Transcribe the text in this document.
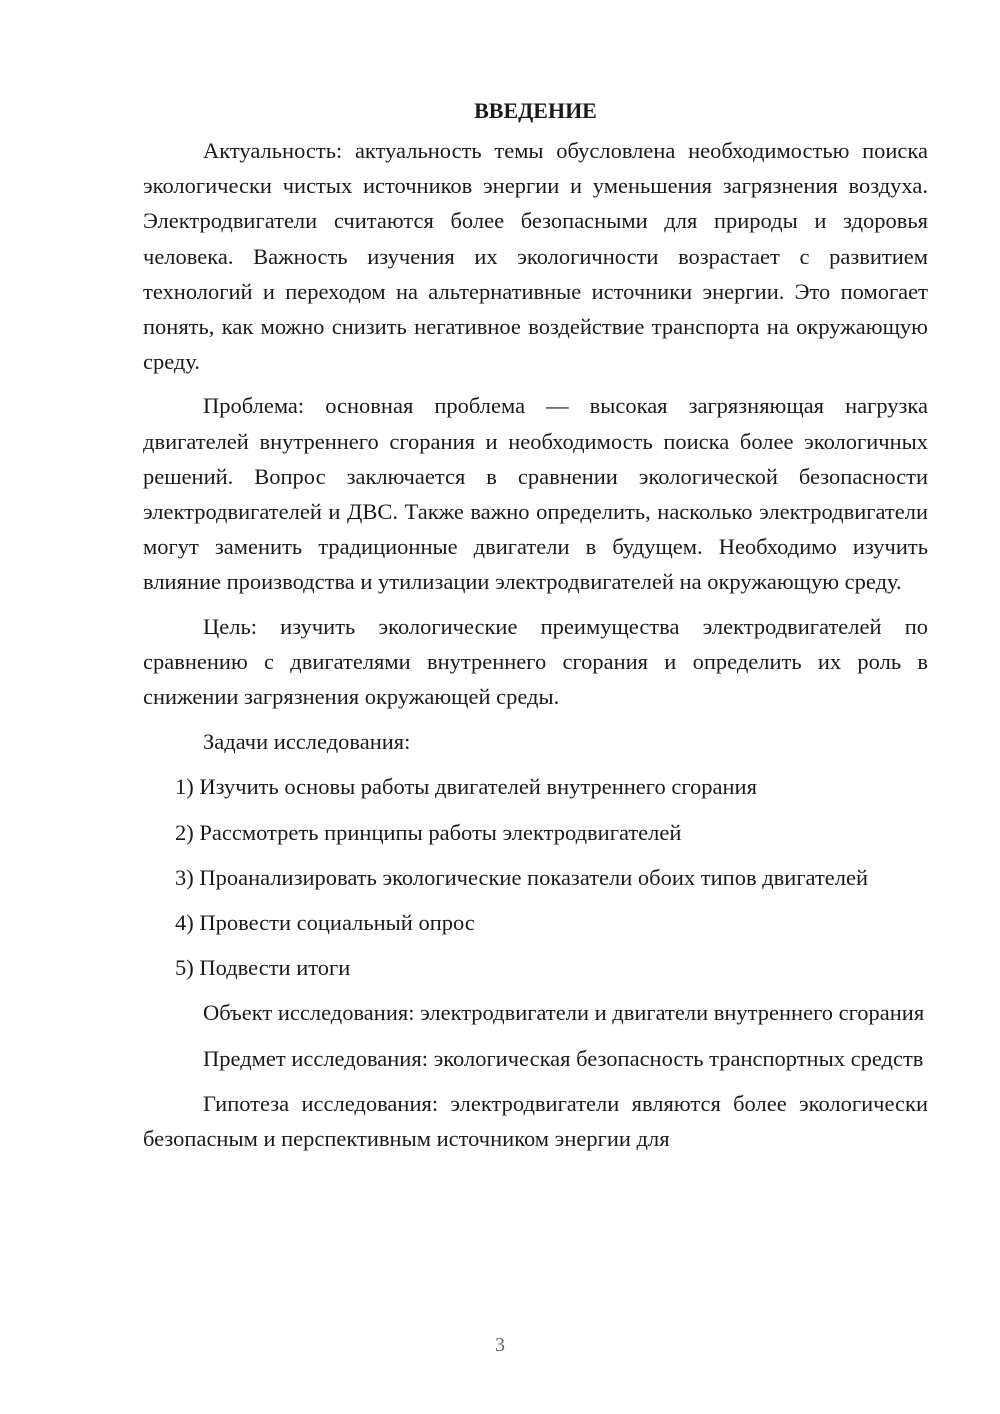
ВВЕДЕНИЕ

Актуальность: актуальность темы обусловлена необходимостью поиска экологически чистых источников энергии и уменьшения загрязнения воздуха. Электродвигатели считаются более безопасными для природы и здоровья человека. Важность изучения их экологичности возрастает с развитием технологий и переходом на альтернативные источники энергии. Это помогает понять, как можно снизить негативное воздействие транспорта на окружающую среду.

Проблема: основная проблема — высокая загрязняющая нагрузка двигателей внутреннего сгорания и необходимость поиска более экологичных решений. Вопрос заключается в сравнении экологической безопасности электродвигателей и ДВС. Также важно определить, насколько электродвигатели могут заменить традиционные двигатели в будущем. Необходимо изучить влияние производства и утилизации электродвигателей на окружающую среду.

Цель: изучить экологические преимущества электродвигателей по сравнению с двигателями внутреннего сгорания и определить их роль в снижении загрязнения окружающей среды.

Задачи исследования:

1) Изучить основы работы двигателей внутреннего сгорания

2) Рассмотреть принципы работы электродвигателей

3) Проанализировать экологические показатели обоих типов двигателей

4) Провести социальный опрос

5) Подвести итоги

Объект исследования: электродвигатели и двигатели внутреннего сгорания

Предмет исследования: экологическая безопасность транспортных средств

Гипотеза исследования: электродвигатели являются более экологически безопасным и перспективным источником энергии для

3
